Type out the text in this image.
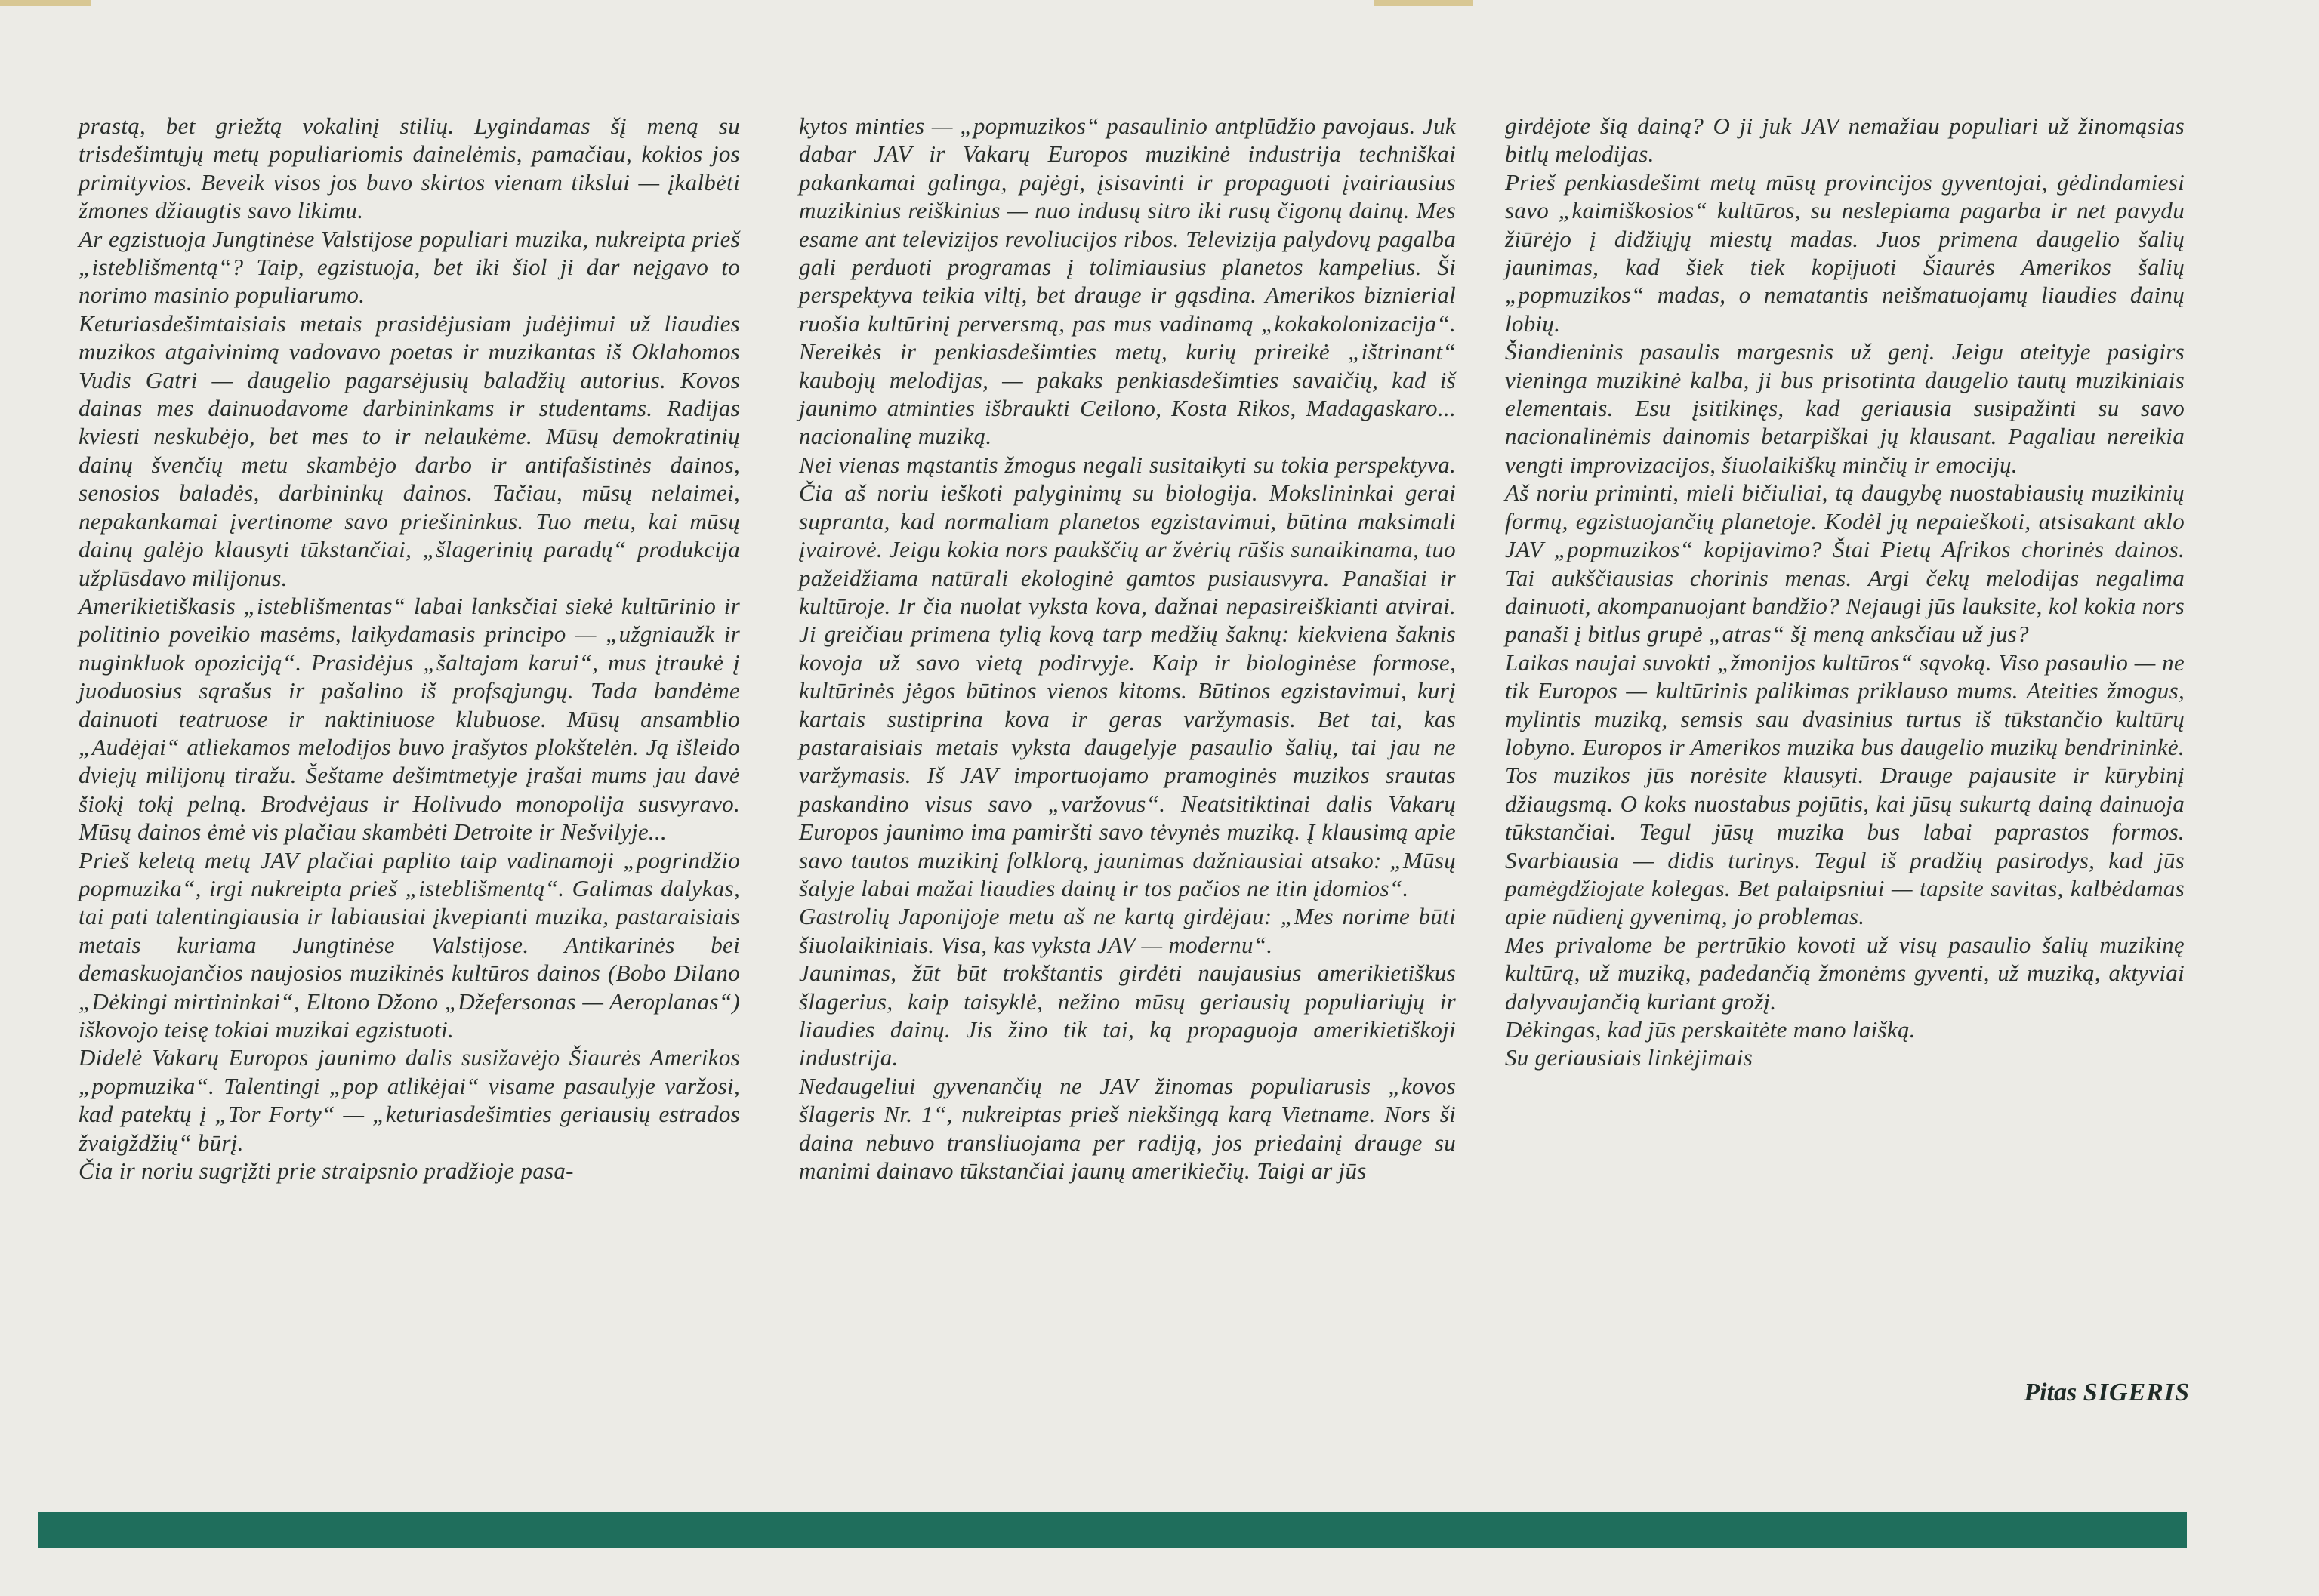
prastą, bet griežtą vokalinį stilių. Lygindamas šį meną su trisdešimtųjų metų populiariomis dainelėmis, pamačiau, kokios jos primityvios. Beveik visos jos buvo skirtos vienam tikslui — įkalbėti žmones džiaugtis savo likimu.

Ar egzistuoja Jungtinėse Valstijose populiari muzika, nukreipta prieš „isteblišmentą“? Taip, egzistuoja, bet iki šiol ji dar neįgavo to norimo masinio populiarumo.

Keturiasdešimtaisiais metais prasidėjusiam judėjimui už liaudies muzikos atgaivinimą vadovavo poetas ir muzikantas iš Oklahomos Vudis Gatri — daugelio pagarsėjusių baladžių autorius. Kovos dainas mes dainuodavome darbininkams ir studentams. Radijas kviesti neskubėjo, bet mes to ir nelaukėme. Mūsų demokratinių dainų švenčių metu skambėjo darbo ir antifašistinės dainos, senosios baladės, darbininkų dainos. Tačiau, mūsų nelaimei, nepakankamai įvertinome savo priešininkus. Tuo metu, kai mūsų dainų galėjo klausyti tūkstančiai, „šlagerinių paradų“ produkcija užplūsdavo milijonus.

Amerikietiškasis „isteblišmentas“ labai lanksčiai siekė kultūrinio ir politinio poveikio masėms, laikydamasis principo — „užgniaužk ir nuginkluok opoziciją“. Prasidėjus „šaltajam karui“, mus įtraukė į juoduosius sąrašus ir pašalino iš profsąjungų. Tada bandėme dainuoti teatruose ir naktiniuose klubuose. Mūsų ansamblio „Audėjai“ atliekamos melodijos buvo įrašytos plokštelėn. Ją išleido dviejų milijonų tiražu. Šeštame dešimtmetyje įrašai mums jau davė šiokį tokį pelną. Brodvėjaus ir Holivudo monopolija susvyravo. Mūsų dainos ėmė vis plačiau skambėti Detroite ir Nešvilyje...

Prieš keletą metų JAV plačiai paplito taip vadinamoji „pogrindžio popmuzika“, irgi nukreipta prieš „isteblišmentą“. Galimas dalykas, tai pati talentingiausia ir labiausiai įkvepianti muzika, pastaraisiais metais kuriama Jungtinėse Valstijose. Antikarinės bei demaskuojančios naujosios muzikinės kultūros dainos (Bobo Dilano „Dėkingi mirtininkai“, Eltono Džono „Džefersonas — Aeroplanas“) iškovojo teisę tokiai muzikai egzistuoti.

Didelė Vakarų Europos jaunimo dalis susižavėjo Šiaurės Amerikos „popmuzika“. Talentingi „pop atlikėjai“ visame pasaulyje varžosi, kad patektų į „Tor Forty“ — „keturiasdešimties geriausių estrados žvaigždžių“ būrį.

Čia ir noriu sugrįžti prie straipsnio pradžioje pasa-

kytos minties — „popmuzikos“ pasaulinio antplūdžio pavojaus. Juk dabar JAV ir Vakarų Europos muzikinė industrija techniškai pakankamai galinga, pajėgi, įsisavinti ir propaguoti įvairiausius muzikinius reiškinius — nuo indusų sitro iki rusų čigonų dainų. Mes esame ant televizijos revoliucijos ribos. Televizija palydovų pagalba gali perduoti programas į tolimiausius planetos kampelius. Ši perspektyva teikia viltį, bet drauge ir gąsdina. Amerikos biznierial ruošia kultūrinį perversmą, pas mus vadinamą „kokakolonizacija“. Nereikės ir penkiasdešimties metų, kurių prireikė „ištrinant“ kaubojų melodijas, — pakaks penkiasdešimties savaičių, kad iš jaunimo atminties išbraukti Ceilono, Kosta Rikos, Madagaskaro... nacionalinę muziką.

Nei vienas mąstantis žmogus negali susitaikyti su tokia perspektyva. Čia aš noriu ieškoti palyginimų su biologija. Mokslininkai gerai supranta, kad normaliam planetos egzistavimui, būtina maksimali įvairovė. Jeigu kokia nors paukščių ar žvėrių rūšis sunaikinama, tuo pažeidžiama natūrali ekologinė gamtos pusiausvyra. Panašiai ir kultūroje. Ir čia nuolat vyksta kova, dažnai nepasireiškianti atvirai. Ji greičiau primena tylią kovą tarp medžių šaknų: kiekviena šaknis kovoja už savo vietą podirvyje. Kaip ir biologinėse formose, kultūrinės jėgos būtinos vienos kitoms. Būtinos egzistavimui, kurį kartais sustiprina kova ir geras varžymasis. Bet tai, kas pastaraisiais metais vyksta daugelyje pasaulio šalių, tai jau ne varžymasis. Iš JAV importuojamo pramoginės muzikos srautas paskandino visus savo „varžovus“. Neatsitiktinai dalis Vakarų Europos jaunimo ima pamiršti savo tėvynės muziką. Į klausimą apie savo tautos muzikinį folklorą, jaunimas dažniausiai atsako: „Mūsų šalyje labai mažai liaudies dainų ir tos pačios ne itin įdomios“.

Gastrolių Japonijoje metu aš ne kartą girdėjau: „Mes norime būti šiuolaikiniais. Visa, kas vyksta JAV — modernu“.

Jaunimas, žūt būt trokštantis girdėti naujausius amerikietiškus šlagerius, kaip taisyklė, nežino mūsų geriausių populiariųjų ir liaudies dainų. Jis žino tik tai, ką propaguoja amerikietiškoji industrija.

Nedaugeliui gyvenančių ne JAV žinomas populiarusis „kovos šlageris Nr. 1“, nukreiptas prieš niekšingą karą Vietname. Nors ši daina nebuvo transliuojama per radiją, jos priedainį drauge su manimi dainavo tūkstančiai jaunų amerikiečių. Taigi ar jūs

girdėjote šią dainą? O ji juk JAV nemažiau populiari už žinomąsias bitlų melodijas.

Prieš penkiasdešimt metų mūsų provincijos gyventojai, gėdindamiesi savo „kaimiškosios“ kultūros, su neslepiama pagarba ir net pavydu žiūrėjo į didžiųjų miestų madas. Juos primena daugelio šalių jaunimas, kad šiek tiek kopijuoti Šiaurės Amerikos šalių „popmuzikos“ madas, o nematantis neišmatuojamų liaudies dainų lobių.

Šiandieninis pasaulis margesnis už genį. Jeigu ateityje pasigirs vieninga muzikinė kalba, ji bus prisotinta daugelio tautų muzikiniais elementais. Esu įsitikinęs, kad geriausia susipažinti su savo nacionalinėmis dainomis betarpiškai jų klausant. Pagaliau nereikia vengti improvizacijos, šiuolaikiškų minčių ir emocijų.

Aš noriu priminti, mieli bičiuliai, tą daugybę nuostabiausių muzikinių formų, egzistuojančių planetoje. Kodėl jų nepaieškoti, atsisakant aklo JAV „popmuzikos“ kopijavimo? Štai Pietų Afrikos chorinės dainos. Tai aukščiausias chorinis menas. Argi čekų melodijas negalima dainuoti, akompanuojant bandžio? Nejaugi jūs lauksite, kol kokia nors panaši į bitlus grupė „atras“ šį meną anksčiau už jus?

Laikas naujai suvokti „žmonijos kultūros“ sąvoką. Viso pasaulio — ne tik Europos — kultūrinis palikimas priklauso mums. Ateities žmogus, mylintis muziką, semsis sau dvasinius turtus iš tūkstančio kultūrų lobyno. Europos ir Amerikos muzika bus daugelio muzikų bendrininkė. Tos muzikos jūs norėsite klausyti. Drauge pajausite ir kūrybinį džiaugsmą. O koks nuostabus pojūtis, kai jūsų sukurtą dainą dainuoja tūkstančiai. Tegul jūsų muzika bus labai paprastos formos. Svarbiausia — didis turinys. Tegul iš pradžių pasirodys, kad jūs pamėgdžiojate kolegas. Bet palaipsniui — tapsite savitas, kalbėdamas apie nūdienį gyvenimą, jo problemas.

Mes privalome be pertrūkio kovoti už visų pasaulio šalių muzikinę kultūrą, už muziką, padedančią žmonėms gyventi, už muziką, aktyviai dalyvaujančią kuriant grožį.

Dėkingas, kad jūs perskaitėte mano laišką.

Su geriausiais linkėjimais

Pitas SIGERIS
